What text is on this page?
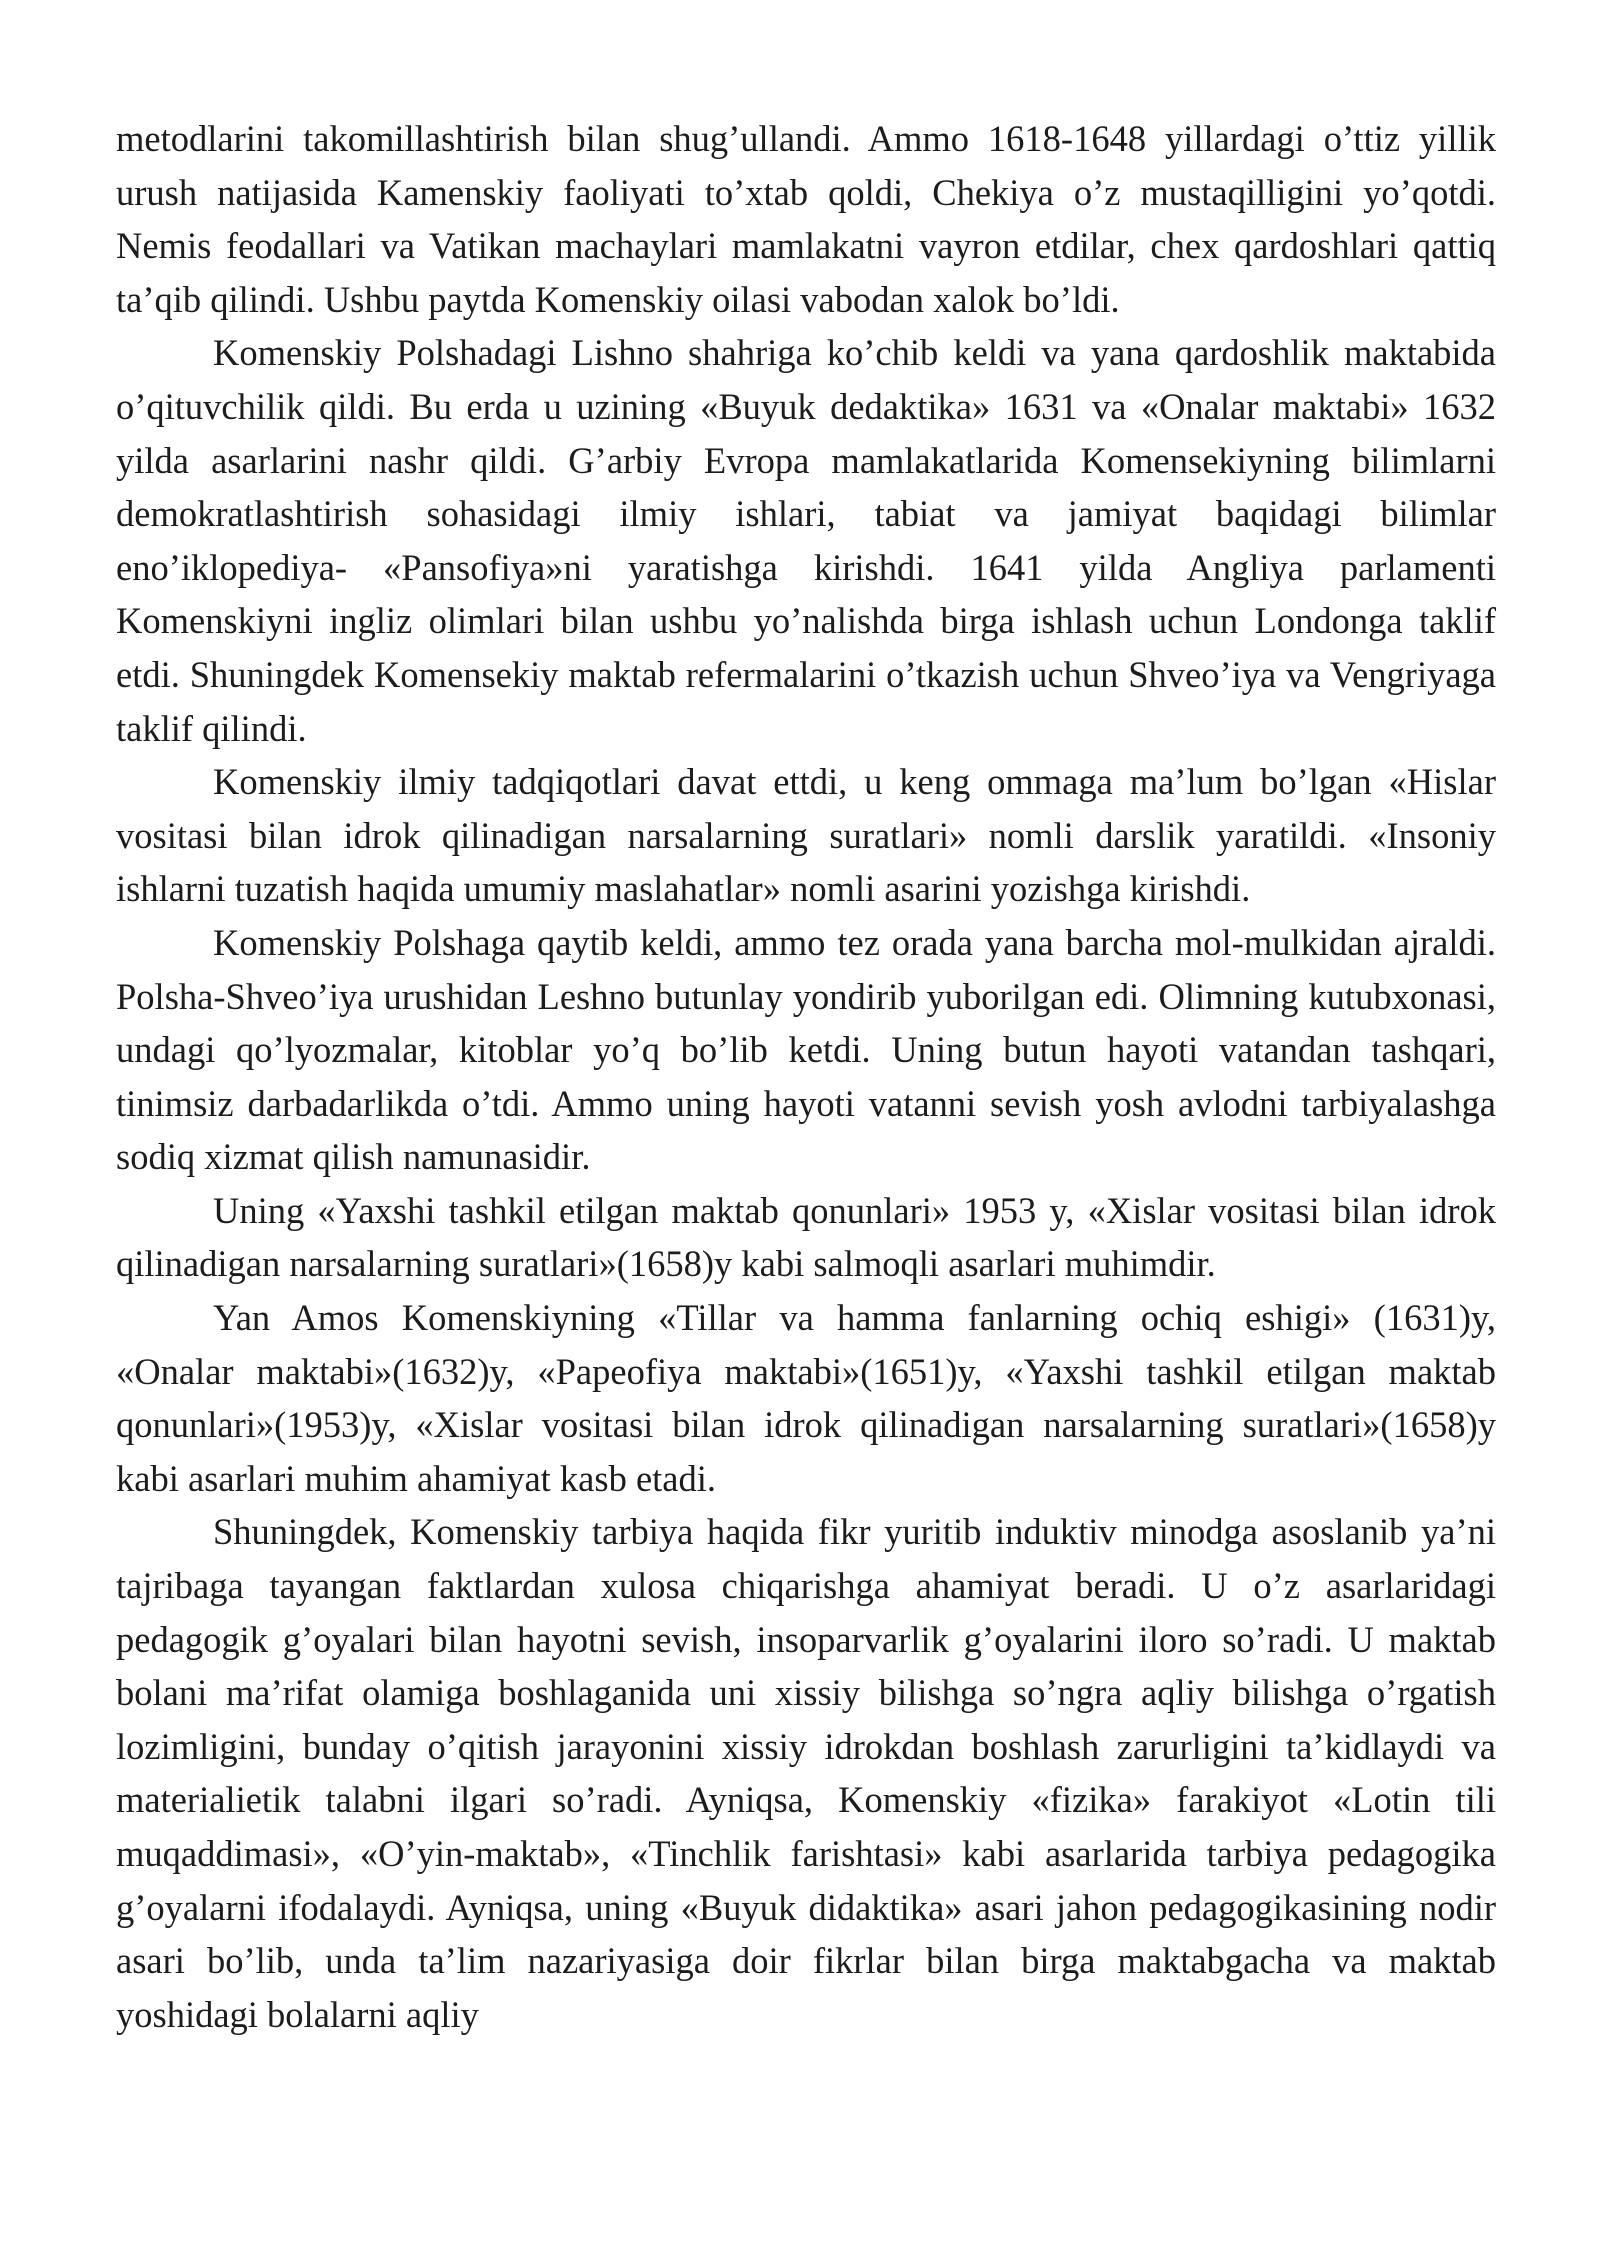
metodlarini takomillashtirish bilan shug’ullandi. Ammo 1618-1648 yillardagi o’ttiz yillik urush natijasida Kamenskiy faoliyati to’xtab qoldi, Chekiya o’z mustaqilligini yo’qotdi. Nemis feodallari va Vatikan machaylari mamlakatni vayron etdilar, chex qardoshlari qattiq ta’qib qilindi. Ushbu paytda Komenskiy oilasi vabodan xalok bo’ldi.

Komenskiy Polshadagi Lishno shahriga ko’chib keldi va yana qardoshlik maktabida o’qituvchilik qildi. Bu erda u uzining «Buyuk dedaktika» 1631 va «Onalar maktabi» 1632 yilda asarlarini nashr qildi. G’arbiy Evropa mamlakatlarida Komensekiyning bilimlarni demokratlashtirish sohasidagi ilmiy ishlari, tabiat va jamiyat baqidagi bilimlar eno’iklopediya- «Pansofiya»ni yaratishga kirishdi. 1641 yilda Angliya parlamenti Komenskiyni ingliz olimlari bilan ushbu yo’nalishda birga ishlash uchun Londonga taklif etdi. Shuningdek Komensekiy maktab refermalarini o’tkazish uchun Shveo’iya va Vengriyaga taklif qilindi.

Komenskiy ilmiy tadqiqotlari davat ettdi, u keng ommaga ma’lum bo’lgan «Hislar vositasi bilan idrok qilinadigan narsalarning suratlari» nomli darslik yaratildi. «Insoniy ishlarni tuzatish haqida umumiy maslahatlar» nomli asarini yozishga kirishdi.

Komenskiy Polshaga qaytib keldi, ammo tez orada yana barcha mol-mulkidan ajraldi. Polsha-Shveo’iya urushidan Leshno butunlay yondirib yuborilgan edi. Olimning kutubxonasi, undagi qo’lyozmalar, kitoblar yo’q bo’lib ketdi. Uning butun hayoti vatandan tashqari, tinimsiz darbadarlikda o’tdi. Ammo uning hayoti vatanni sevish yosh avlodni tarbiyalashga sodiq xizmat qilish namunasidir.

Uning «Yaxshi tashkil etilgan maktab qonunlari» 1953 y, «Xislar vositasi bilan idrok qilinadigan narsalarning suratlari»(1658)y kabi salmoqli asarlari muhimdir.

Yan Amos Komenskiyning «Tillar va hamma fanlarning ochiq eshigi» (1631)y, «Onalar maktabi»(1632)y, «Papeofiya maktabi»(1651)y, «Yaxshi tashkil etilgan maktab qonunlari»(1953)y, «Xislar vositasi bilan idrok qilinadigan narsalarning suratlari»(1658)y kabi asarlari muhim ahamiyat kasb etadi.

Shuningdek, Komenskiy tarbiya haqida fikr yuritib induktiv minodga asoslanib ya’ni tajribaga tayangan faktlardan xulosa chiqarishga ahamiyat beradi. U o’z asarlaridagi pedagogik g’oyalari bilan hayotni sevish, insoparvarlik g’oyalarini iloro so’radi. U maktab bolani ma’rifat olamiga boshlaganida uni xissiy bilishga so’ngra aqliy bilishga o’rgatish lozimligini, bunday o’qitish jarayonini xissiy idrokdan boshlash zarurligini ta’kidlaydi va materialietik talabni ilgari so’radi. Ayniqsa, Komenskiy «fizika» farakiyot «Lotin tili muqaddimasi», «O’yin-maktab», «Tinchlik farishtasi» kabi asarlarida tarbiya pedagogika g’oyalarni ifodalaydi. Ayniqsa, uning «Buyuk didaktika» asari jahon pedagogikasining nodir asari bo’lib, unda ta’lim nazariyasiga doir fikrlar bilan birga maktabgacha va maktab yoshidagi bolalarni aqliy
